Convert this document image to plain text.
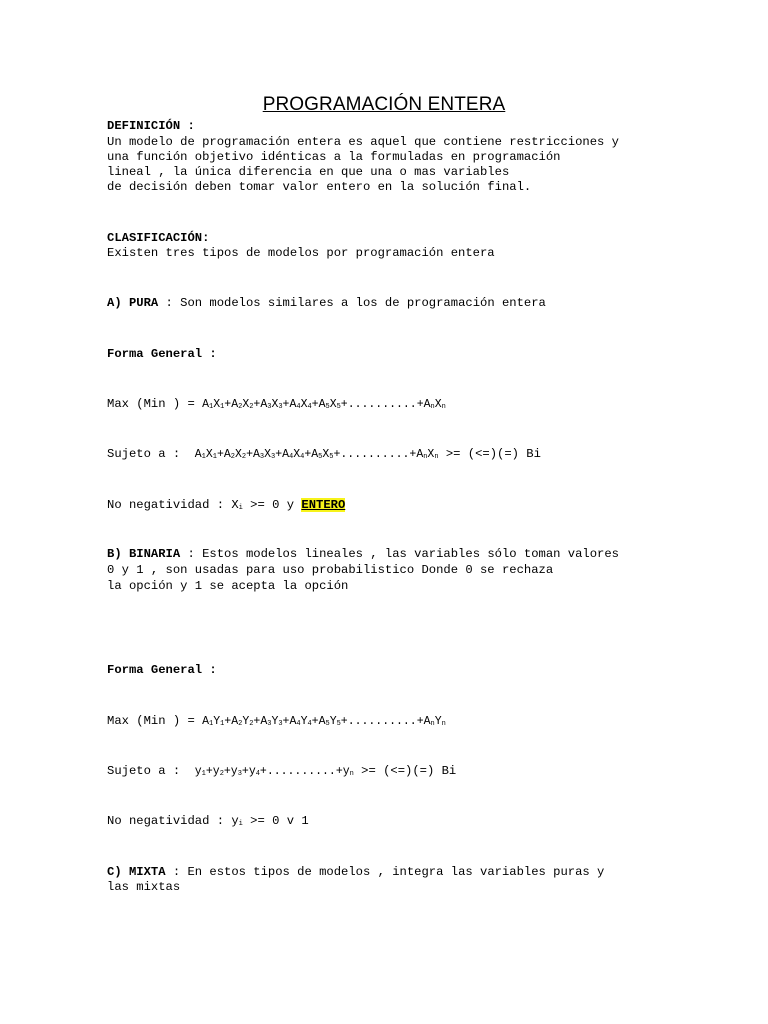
PROGRAMACIÓN ENTERA
DEFINICIÓN :
Un modelo de programación entera es aquel que contiene restricciones y
una función objetivo idénticas a la formuladas en programación
lineal , la única diferencia en que una o mas variables
de decisión deben tomar valor entero en la solución final.
CLASIFICACIÓN:
Existen tres tipos de modelos por programación entera
A) PURA : Son modelos similares a los de programación entera
Forma General :
Max (Min ) = A1X1+A2X2+A3X3+A4X4+A5X5+..........+AnXn
Sujeto a :  A1X1+A2X2+A3X3+A4X4+A5X5+..........+AnXn >= (<=)(=) Bi
No negatividad : Xi >= 0 y ENTERO
B) BINARIA : Estos modelos lineales , las variables sólo toman valores
0 y 1 , son usadas para uso probabilistico Donde 0 se rechaza
la opción y 1 se acepta la opción
Forma General :
Max (Min ) = A1Y1+A2Y2+A3Y3+A4Y4+A5Y5+..........+AnYn
Sujeto a :  y1+y2+y3+y4+..........+yn >= (<=)(=) Bi
No negatividad : yi >= 0 v 1
C) MIXTA : En estos tipos de modelos , integra las variables puras y
las mixtas
